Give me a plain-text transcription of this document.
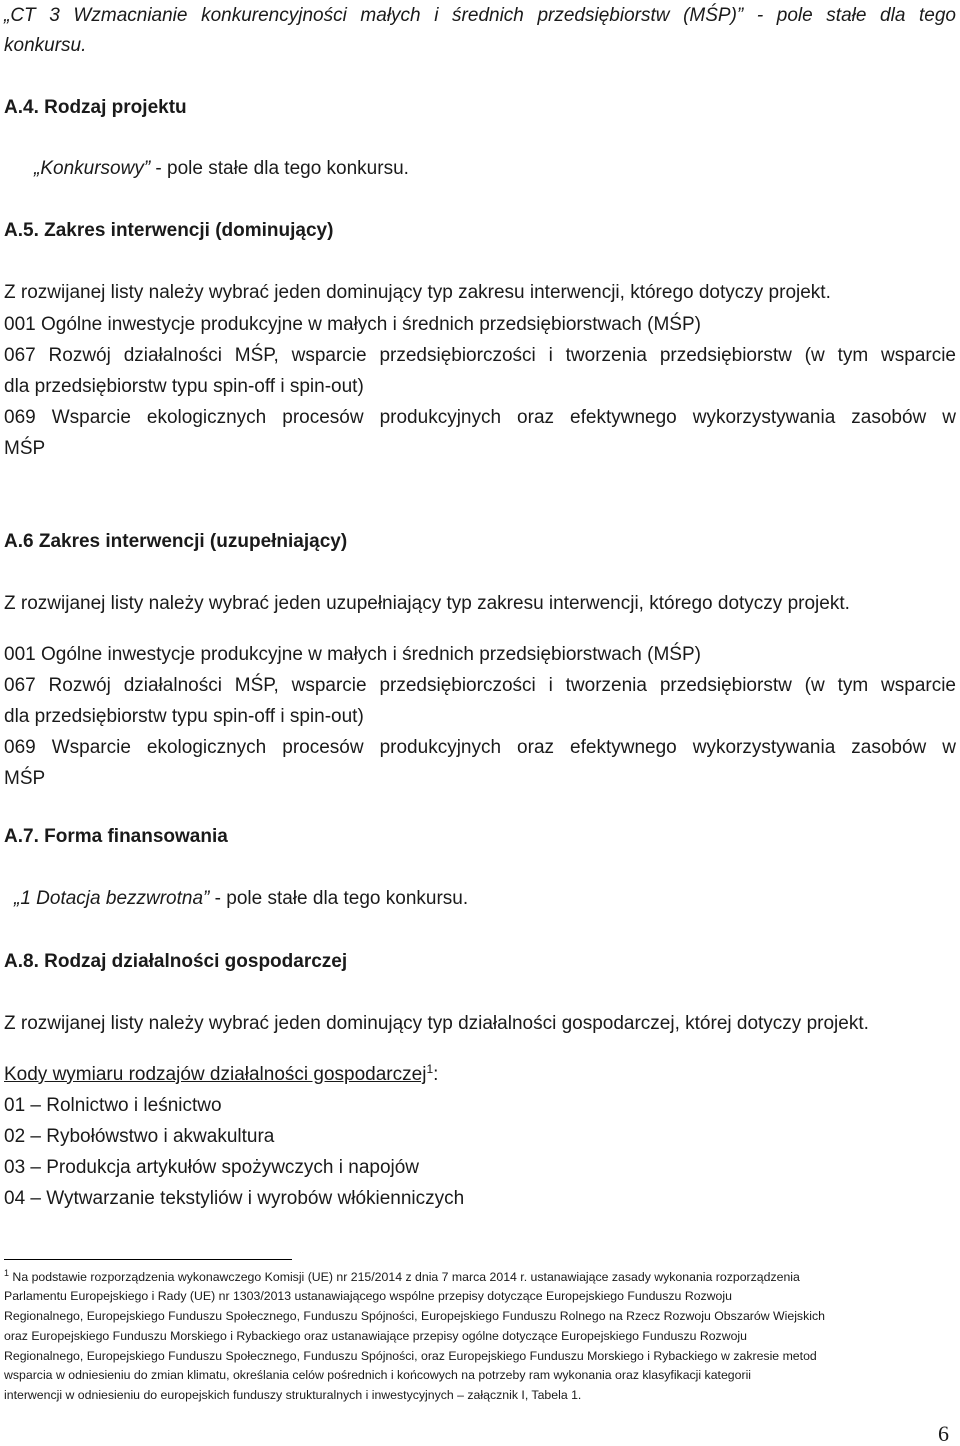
„CT 3 Wzmacnianie konkurencyjności małych i średnich przedsiębiorstw (MŚP)” - pole stałe dla tego
konkursu.
A.4. Rodzaj projektu
„Konkursowy” - pole stałe dla tego konkursu.
A.5. Zakres interwencji (dominujący)
Z rozwijanej listy należy wybrać jeden dominujący typ zakresu interwencji, którego dotyczy projekt.
001 Ogólne inwestycje produkcyjne w małych i średnich przedsiębiorstwach (MŚP)
067 Rozwój działalności MŚP, wsparcie przedsiębiorczości i tworzenia przedsiębiorstw (w tym wsparcie
dla przedsiębiorstw typu spin-off i spin-out)
069 Wsparcie ekologicznych procesów produkcyjnych oraz efektywnego wykorzystywania zasobów w
MŚP
A.6 Zakres interwencji (uzupełniający)
Z rozwijanej listy należy wybrać jeden uzupełniający typ zakresu interwencji, którego dotyczy projekt.
001 Ogólne inwestycje produkcyjne w małych i średnich przedsiębiorstwach (MŚP)
067 Rozwój działalności MŚP, wsparcie przedsiębiorczości i tworzenia przedsiębiorstw (w tym wsparcie
dla przedsiębiorstw typu spin-off i spin-out)
069 Wsparcie ekologicznych procesów produkcyjnych oraz efektywnego wykorzystywania zasobów w
MŚP
A.7. Forma finansowania
„1 Dotacja bezzwrotna” - pole stałe dla tego konkursu.
A.8. Rodzaj działalności gospodarczej
Z rozwijanej listy należy wybrać jeden dominujący typ działalności gospodarczej, której dotyczy projekt.
Kody wymiaru rodzajów działalności gospodarczej$^1$:
01 – Rolnictwo i leśnictwo
02 – Rybołówstwo i akwakultura
03 – Produkcja artykułów spożywczych i napojów
04 – Wytwarzanie tekstyliów i wyrobów włókienniczych
$^1$ Na podstawie rozporządzenia wykonawczego Komisji (UE) nr 215/2014 z dnia 7 marca 2014 r. ustanawiające zasady wykonania rozporządzenia
Parlamentu Europejskiego i Rady (UE) nr 1303/2013 ustanawiającego wspólne przepisy dotyczące Europejskiego Funduszu Rozwoju
Regionalnego, Europejskiego Funduszu Społecznego, Funduszu Spójności, Europejskiego Funduszu Rolnego na Rzecz Rozwoju Obszarów Wiejskich
oraz Europejskiego Funduszu Morskiego i Rybackiego oraz ustanawiające przepisy ogólne dotyczące Europejskiego Funduszu Rozwoju
Regionalnego, Europejskiego Funduszu Społecznego, Funduszu Spójności, oraz Europejskiego Funduszu Morskiego i Rybackiego w zakresie metod
wsparcia w odniesieniu do zmian klimatu, określania celów pośrednich i końcowych na potrzeby ram wykonania oraz klasyfikacji kategorii
interwencji w odniesieniu do europejskich funduszy strukturalnych i inwestycyjnych – załącznik I, Tabela 1.
6
